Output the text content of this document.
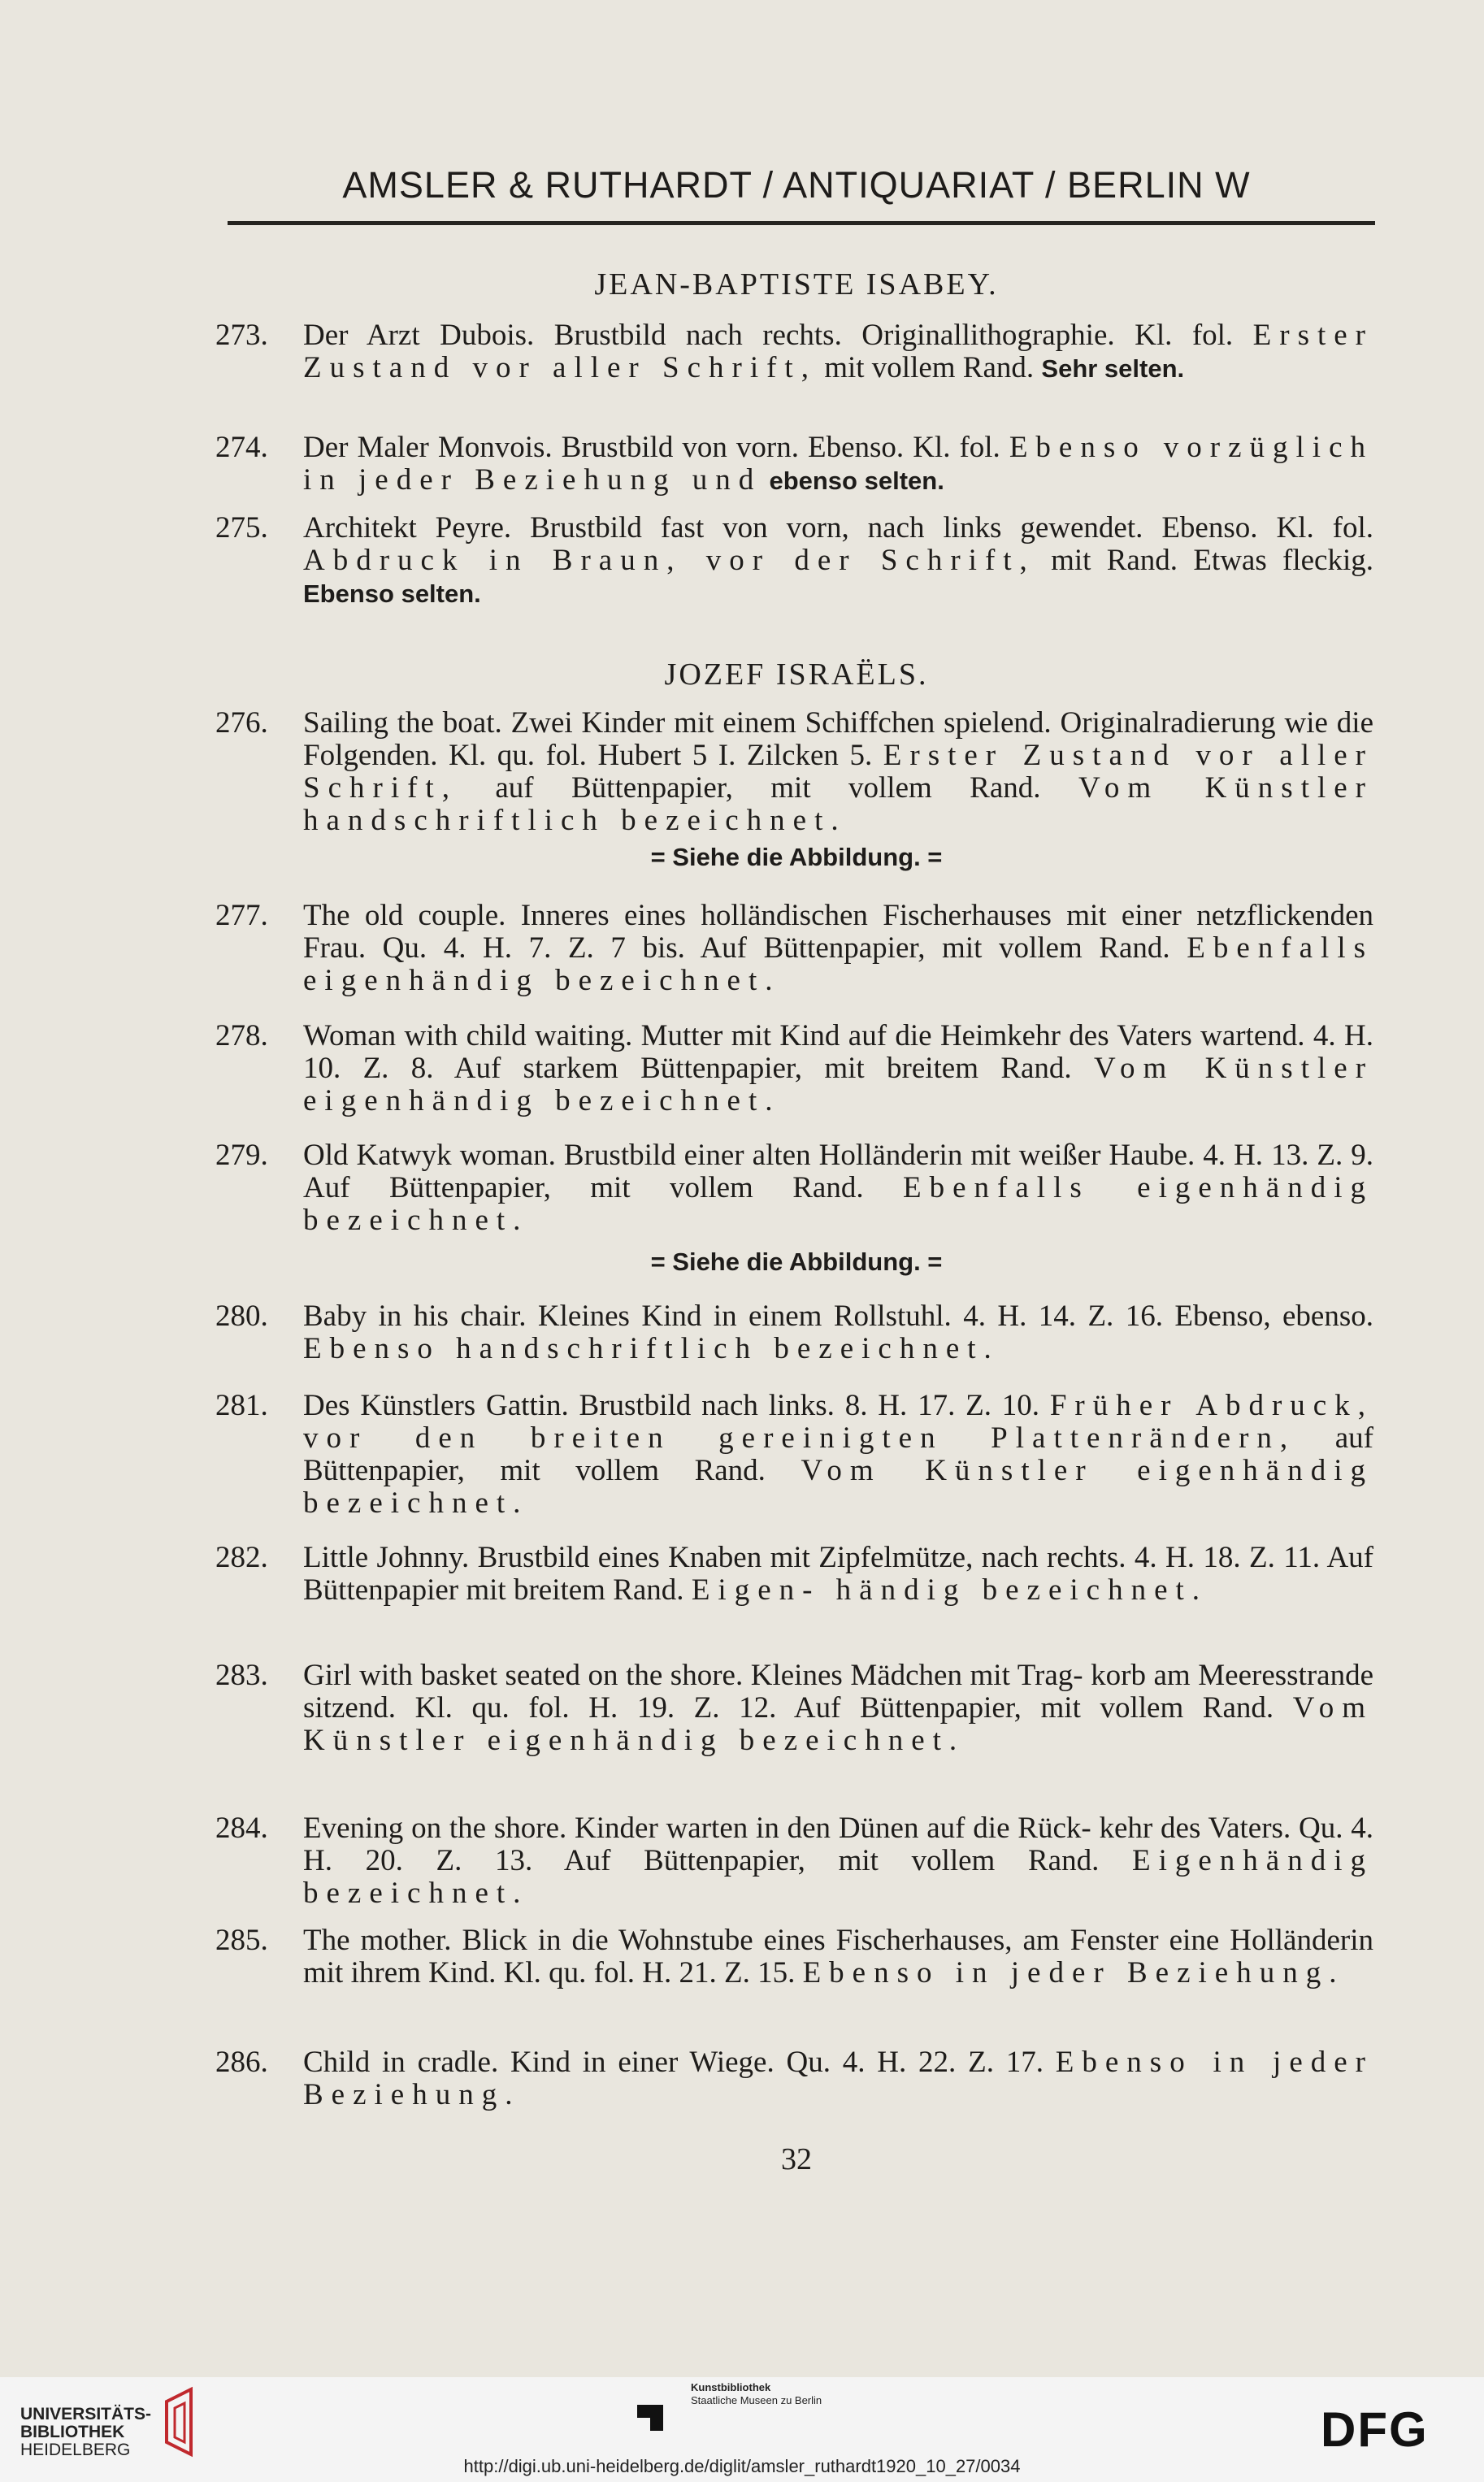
AMSLER & RUTHARDT / ANTIQUARIAT / BERLIN W
JEAN-BAPTISTE ISABEY.
273. Der Arzt Dubois. Brustbild nach rechts. Originallithographie. Kl. fol. Erster Zustand vor aller Schrift, mit vollem Rand. Sehr selten.
274. Der Maler Monvois. Brustbild von vorn. Ebenso. Kl. fol. Ebenso vorzüglich in jeder Beziehung und ebenso selten.
275. Architekt Peyre. Brustbild fast von vorn, nach links gewendet. Ebenso. Kl. fol. Abdruck in Braun, vor der Schrift, mit Rand. Etwas fleckig. Ebenso selten.
JOZEF ISRAËLS.
276. Sailing the boat. Zwei Kinder mit einem Schiffchen spielend. Originalradierung wie die Folgenden. Kl. qu. fol. Hubert 5 I. Zilcken 5. Erster Zustand vor aller Schrift, auf Büttenpapier, mit vollem Rand. Vom Künstler handschriftlich bezeichnet.
= Siehe die Abbildung. =
277. The old couple. Inneres eines holländischen Fischerhauses mit einer netzflickenden Frau. Qu. 4. H. 7. Z. 7 bis. Auf Büttenpapier, mit vollem Rand. Ebenfalls eigenhändig bezeichnet.
278. Woman with child waiting. Mutter mit Kind auf die Heimkehr des Vaters wartend. 4. H. 10. Z. 8. Auf starkem Büttenpapier, mit breitem Rand. Vom Künstler eigenhändig bezeichnet.
279. Old Katwyk woman. Brustbild einer alten Holländerin mit weißer Haube. 4. H. 13. Z. 9. Auf Büttenpapier, mit vollem Rand. Ebenfalls eigenhändig bezeichnet.
= Siehe die Abbildung. =
280. Baby in his chair. Kleines Kind in einem Rollstuhl. 4. H. 14. Z. 16. Ebenso, ebenso. Ebenso handschriftlich bezeichnet.
281. Des Künstlers Gattin. Brustbild nach links. 8. H. 17. Z. 10. Früher Abdruck, vor den breiten gereinigten Plattenrändern, auf Büttenpapier, mit vollem Rand. Vom Künstler eigenhändig bezeichnet.
282. Little Johnny. Brustbild eines Knaben mit Zipfelmütze, nach rechts. 4. H. 18. Z. 11. Auf Büttenpapier mit breitem Rand. Eigen- händig bezeichnet.
283. Girl with basket seated on the shore. Kleines Mädchen mit Trag- korb am Meeresstrande sitzend. Kl. qu. fol. H. 19. Z. 12. Auf Büttenpapier, mit vollem Rand. Vom Künstler eigenhändig bezeichnet.
284. Evening on the shore. Kinder warten in den Dünen auf die Rück- kehr des Vaters. Qu. 4. H. 20. Z. 13. Auf Büttenpapier, mit vollem Rand. Eigenhändig bezeichnet.
285. The mother. Blick in die Wohnstube eines Fischerhauses, am Fenster eine Holländerin mit ihrem Kind. Kl. qu. fol. H. 21. Z. 15. Ebenso in jeder Beziehung.
286. Child in cradle. Kind in einer Wiege. Qu. 4. H. 22. Z. 17. Ebenso in jeder Beziehung.
32
UNIVERSITÄTS-
BIBLIOTHEK
HEIDELBERG
Kunstbibliothek
Staatliche Museen zu Berlin
DFG
http://digi.ub.uni-heidelberg.de/diglit/amsler_ruthardt1920_10_27/0034
